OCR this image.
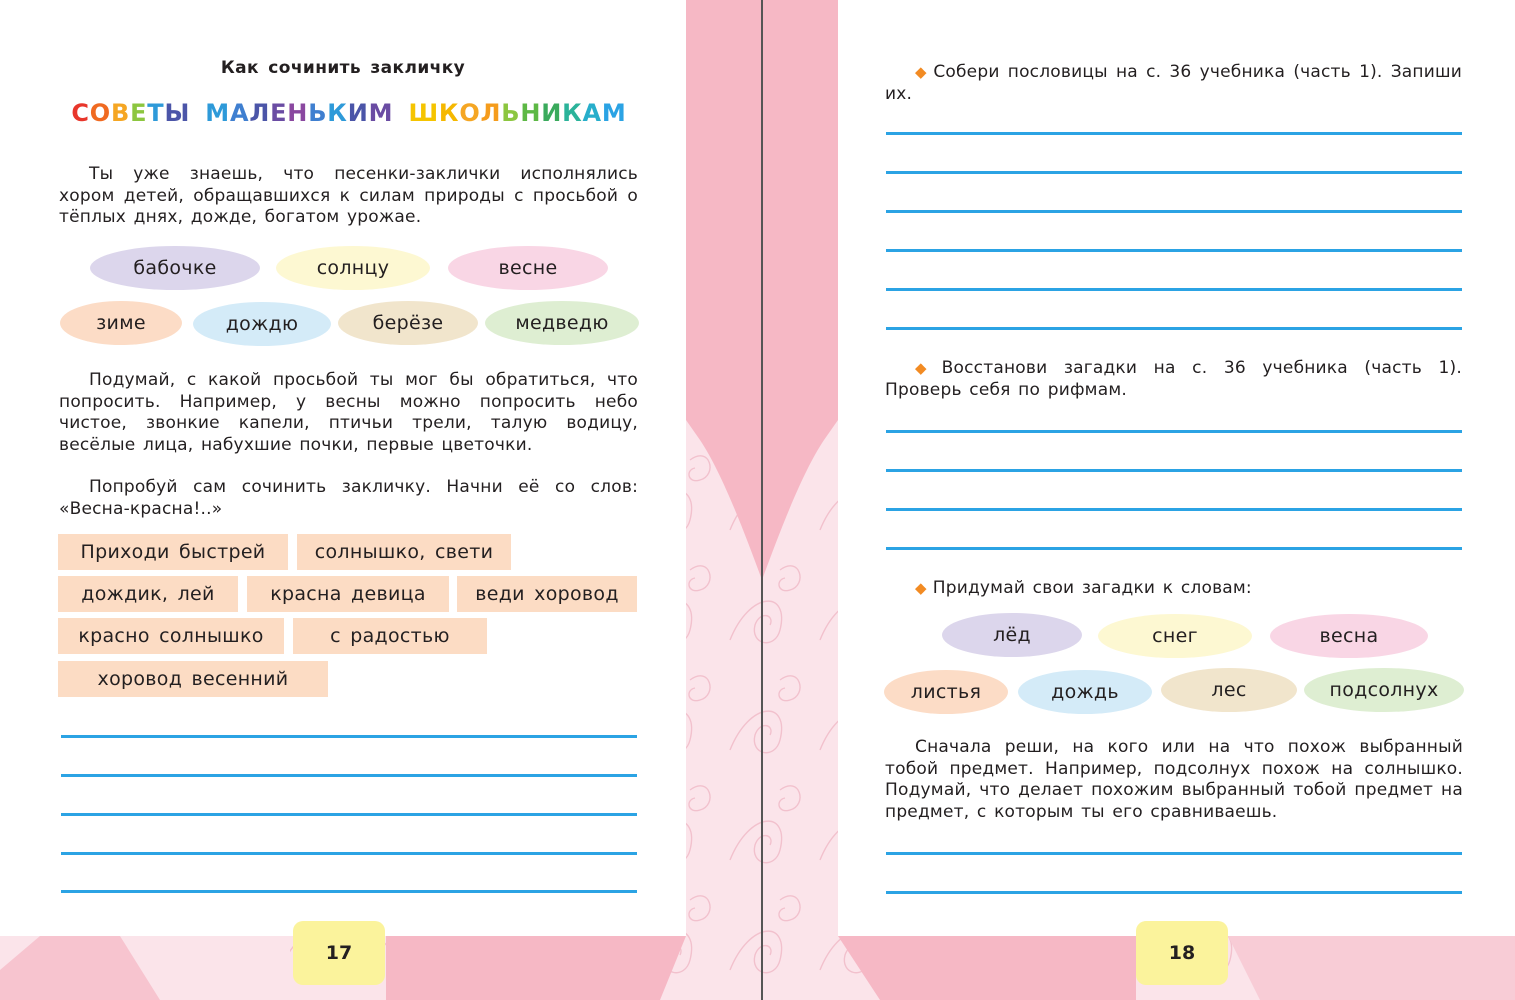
Как сочинить закличку
СОВЕТЫ МАЛЕНЬКИМ ШКОЛЬНИКАМ

Ты уже знаешь, что песенки-заклички исполнялись хором детей, обращавшихся к силам природы с просьбой о тёплых днях, дожде, богатом урожае.

бабочке	солнцу	весне
зиме	дождю	берёзе	медведю

Подумай, с какой просьбой ты мог бы обратиться, что попросить. Например, у весны можно попросить небо чистое, звонкие капели, птичьи трели, талую водицу, весёлые лица, набухшие почки, первые цветочки.

Попробуй сам сочинить закличку. Начни её со слов: «Весна-красна!..»

Приходи быстрей	солнышко, свети
дождик, лей	красна девица	веди хоровод
красно солнышко	с радостью
хоровод весенний
17

◆ Собери пословицы на с. 36 учебника (часть 1). Запиши их.

◆ Восстанови загадки на с. 36 учебника (часть 1). Проверь себя по рифмам.

◆ Придумай свои загадки к словам:

лёд	снег	весна
листья	дождь	лес	подсолнух

Сначала реши, на кого или на что похож выбранный тобой предмет. Например, подсолнух похож на солнышко. Подумай, что делает похожим выбранный тобой предмет на предмет, с которым ты его сравниваешь.

18
